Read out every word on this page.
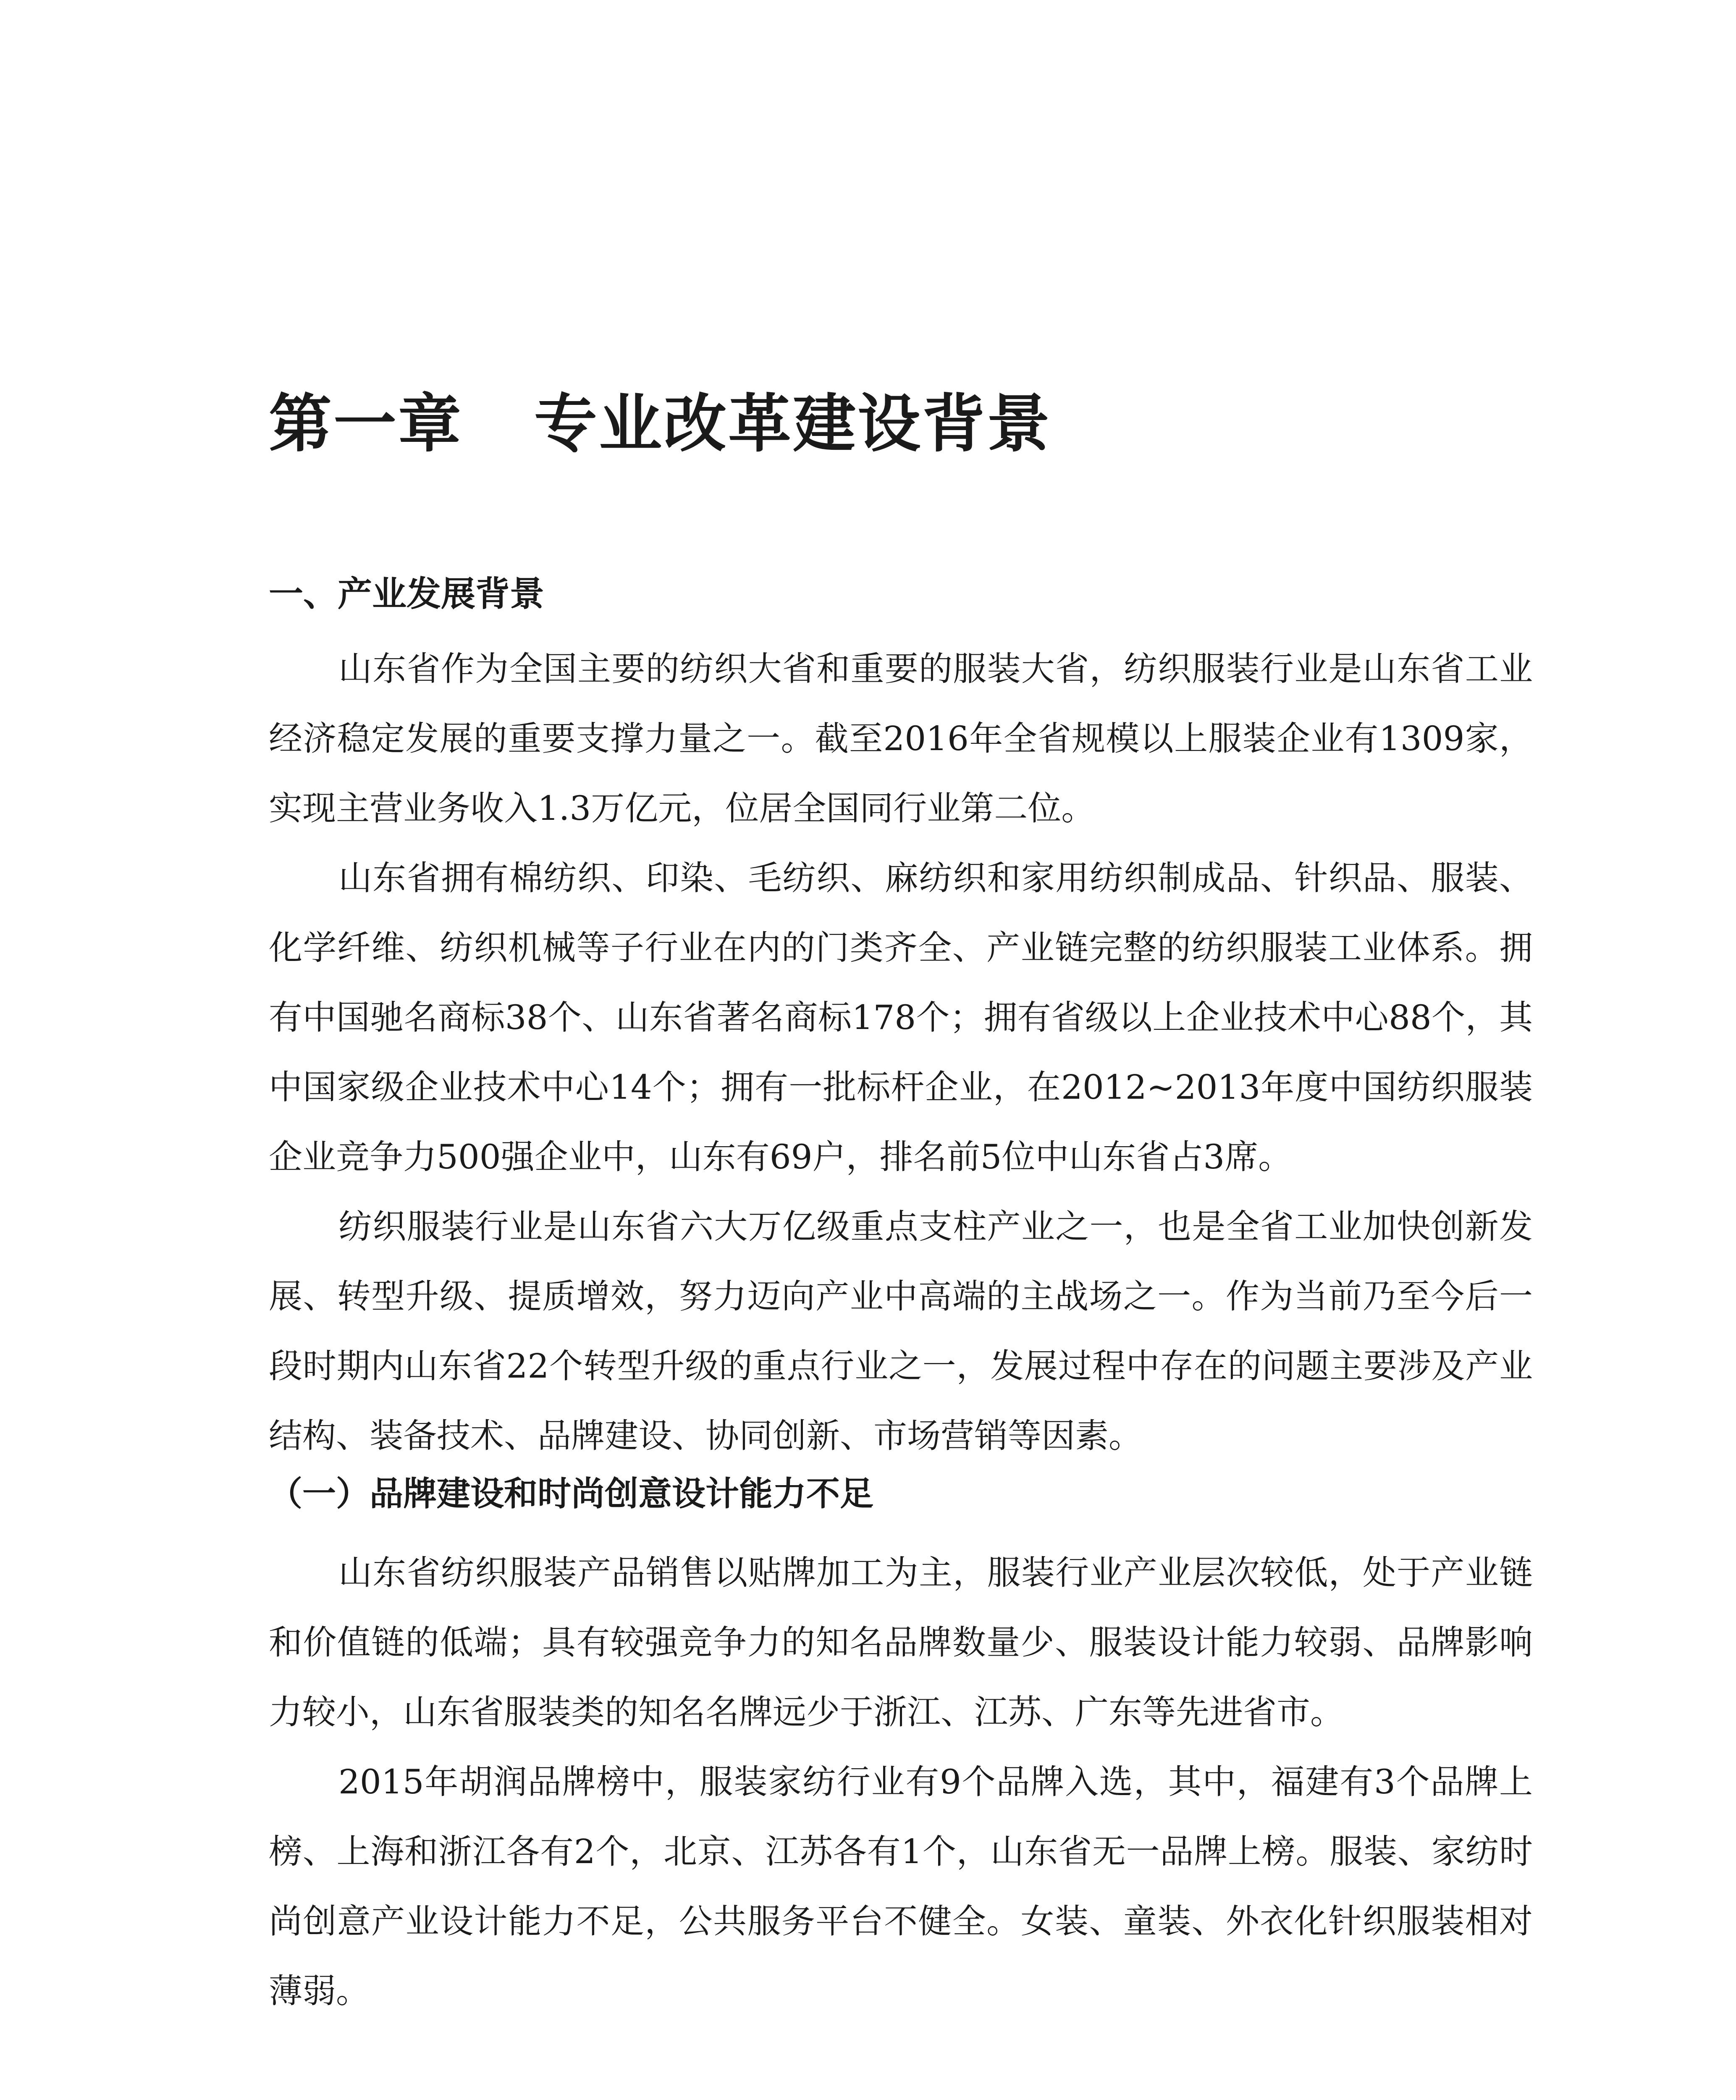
第一章 专业改革建设背景
一、产业发展背景

山东省作为全国主要的纺织大省和重要的服装大省，纺织服装行业是山东省工业经济稳定发展的重要支撑力量之一。截至2016年全省规模以上服装企业有1309家，实现主营业务收入1.3万亿元，位居全国同行业第二位。

山东省拥有棉纺织、印染、毛纺织、麻纺织和家用纺织制成品、针织品、服装、化学纤维、纺织机械等子行业在内的门类齐全、产业链完整的纺织服装工业体系。拥有中国驰名商标38个、山东省著名商标178个；拥有省级以上企业技术中心88个，其中国家级企业技术中心14个；拥有一批标杆企业，在2012~2013年度中国纺织服装企业竞争力500强企业中，山东有69户，排名前5位中山东省占3席。

纺织服装行业是山东省六大万亿级重点支柱产业之一，也是全省工业加快创新发展、转型升级、提质增效，努力迈向产业中高端的主战场之一。作为当前乃至今后一段时期内山东省22个转型升级的重点行业之一，发展过程中存在的问题主要涉及产业结构、装备技术、品牌建设、协同创新、市场营销等因素。

（一）品牌建设和时尚创意设计能力不足

山东省纺织服装产品销售以贴牌加工为主，服装行业产业层次较低，处于产业链和价值链的低端；具有较强竞争力的知名品牌数量少、服装设计能力较弱、品牌影响力较小，山东省服装类的知名名牌远少于浙江、江苏、广东等先进省市。

2015年胡润品牌榜中，服装家纺行业有9个品牌入选，其中，福建有3个品牌上榜、上海和浙江各有2个，北京、江苏各有1个，山东省无一品牌上榜。服装、家纺时尚创意产业设计能力不足，公共服务平台不健全。女装、童装、外衣化针织服装相对薄弱。
